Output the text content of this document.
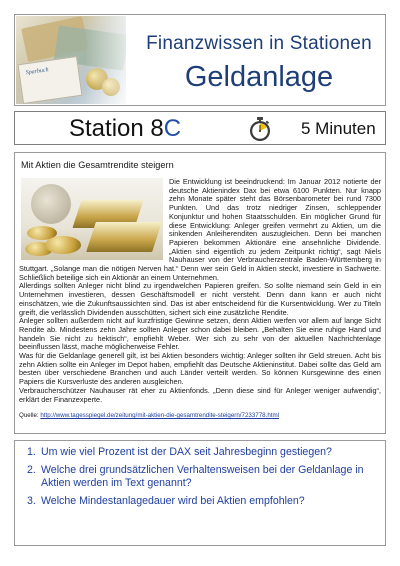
Sparbuch
Finanzwissen in Stationen
Geldanlage
Station 8C	5 Minuten
Mit Aktien die Gesamtrendite steigern

Die Entwicklung ist beeindruckend: Im Januar 2012 notierte der deutsche Aktienindex Dax bei etwa 6100 Punkten. Nur knapp zehn Monate später steht das Börsenbarometer bei rund 7300 Punkten. Und das trotz niedriger Zinsen, schleppender Konjunktur und hohen Staatsschulden. Ein möglicher Grund für diese Entwicklung: Anleger greifen vermehrt zu Aktien, um die sinkenden Anleiherenditen auszugleichen. Denn bei manchen Papieren bekommen Aktionäre eine ansehnliche Dividende. „Aktien sind eigentlich zu jedem Zeitpunkt richtig“, sagt Niels Nauhauser von der Verbraucherzentrale Baden-Württemberg in Stuttgart. „Solange man die nötigen Nerven hat.“ Denn wer sein Geld in Aktien steckt, investiere in Sachwerte. Schließlich beteilige sich ein Aktionär an einem Unternehmen.

Allerdings sollten Anleger nicht blind zu irgendwelchen Papieren greifen. So sollte niemand sein Geld in ein Unternehmen investieren, dessen Geschäftsmodell er nicht versteht. Denn dann kann er auch nicht einschätzen, wie die Zukunftsaussichten sind. Das ist aber entscheidend für die Kursentwicklung. Wer zu Titeln greift, die verlässlich Dividenden ausschütten, sichert sich eine zusätzliche Rendite.

Anleger sollten außerdem nicht auf kurzfristige Gewinne setzen, denn Aktien werfen vor allem auf lange Sicht Rendite ab. Mindestens zehn Jahre sollten Anleger schon dabei bleiben. „Behalten Sie eine ruhige Hand und handeln Sie nicht zu hektisch“, empfiehlt Weber. Wer sich zu sehr von der aktuellen Nachrichtenlage beeinflussen lässt, mache möglicherweise Fehler.

Was für die Geldanlage generell gilt, ist bei Aktien besonders wichtig: Anleger sollten ihr Geld streuen. Acht bis zehn Aktien sollte ein Anleger im Depot haben, empfiehlt das Deutsche Aktieninstitut. Dabei sollte das Geld am besten über verschiedene Branchen und auch Länder verteilt werden. So können Kursgewinne des einen Papiers die Kursverluste des anderen ausgleichen.

Verbraucherschützer Nauhauser rät eher zu Aktienfonds. „Denn diese sind für Anleger weniger aufwendig“, erklärt der Finanzexperte.

Quelle: http://www.tagesspiegel.de/zeitung/mit-aktien-die-gesamtrendite-steigern/7233778.html
1. Um wie viel Prozent ist der DAX seit Jahresbeginn gestiegen?
2. Welche drei grundsätzlichen Verhaltensweisen bei der Geldanlage in Aktien werden im Text genannt?
3. Welche Mindestanlagedauer wird bei Aktien empfohlen?
